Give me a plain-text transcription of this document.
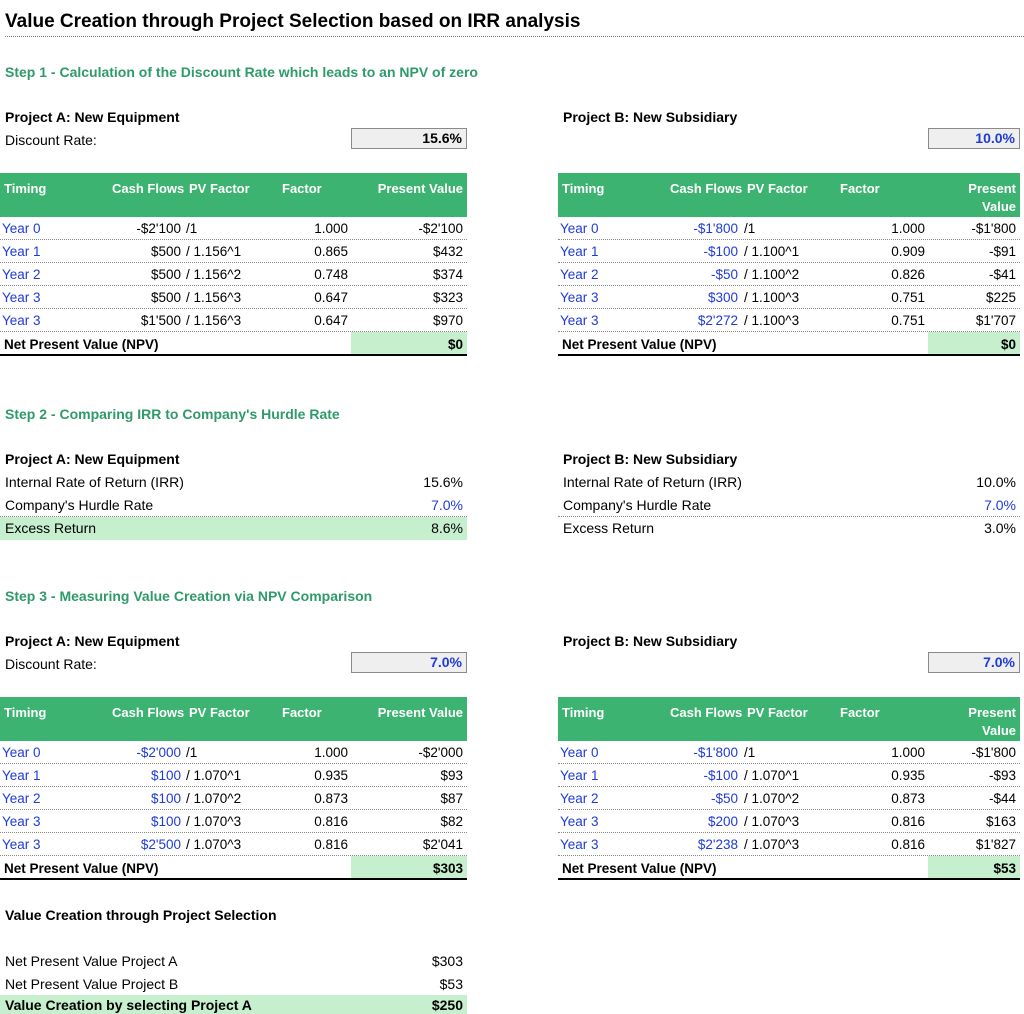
Value Creation through Project Selection based on IRR analysis
Step 1 - Calculation of the Discount Rate which leads to an NPV of zero
Project A: New Equipment
Discount Rate:	15.6%
Timing	Cash Flows PV Factor Factor	Present Value
Year 0	-$2'100 /1	1.000	-$2'100
Year 1	$500 / 1.156^1	0.865	$432
Year 2	$500 / 1.156^2	0.748	$374
Year 3	$500 / 1.156^3	0.647	$323
Year 3	$1'500 / 1.156^3	0.647	$970
Net Present Value (NPV)	$0
Project B: New Subsidiary
10.0%
Timing	Cash Flows PV Factor Factor	Present
Value
Year 0	-$1'800 /1	1.000	-$1'800
Year 1	-$100 / 1.100^1	0.909	-$91
Year 2	-$50 / 1.100^2	0.826	-$41
Year 3	$300 / 1.100^3	0.751	$225
Year 3	$2'272 / 1.100^3	0.751	$1'707
Net Present Value (NPV)	$0
Step 2 - Comparing IRR to Company's Hurdle Rate
Project A: New Equipment
Internal Rate of Return (IRR)	15.6%
Company's Hurdle Rate	7.0%
Excess Return	8.6%
Project B: New Subsidiary
Internal Rate of Return (IRR)	10.0%
Company's Hurdle Rate	7.0%
Excess Return	3.0%
Step 3 - Measuring Value Creation via NPV Comparison
Project A: New Equipment
Discount Rate:	7.0%
Timing	Cash Flows PV Factor Factor	Present Value
Year 0	-$2'000 /1	1.000	-$2'000
Year 1	$100 / 1.070^1	0.935	$93
Year 2	$100 / 1.070^2	0.873	$87
Year 3	$100 / 1.070^3	0.816	$82
Year 3	$2'500 / 1.070^3	0.816	$2'041
Net Present Value (NPV)	$303
Project B: New Subsidiary
7.0%
Timing	Cash Flows PV Factor Factor	Present
Value
Year 0	-$1'800 /1	1.000	-$1'800
Year 1	-$100 / 1.070^1	0.935	-$93
Year 2	-$50 / 1.070^2	0.873	-$44
Year 3	$200 / 1.070^3	0.816	$163
Year 3	$2'238 / 1.070^3	0.816	$1'827
Net Present Value (NPV)	$53
Value Creation through Project Selection
Net Present Value Project A	$303
Net Present Value Project B	$53
Value Creation by selecting Project A	$250
